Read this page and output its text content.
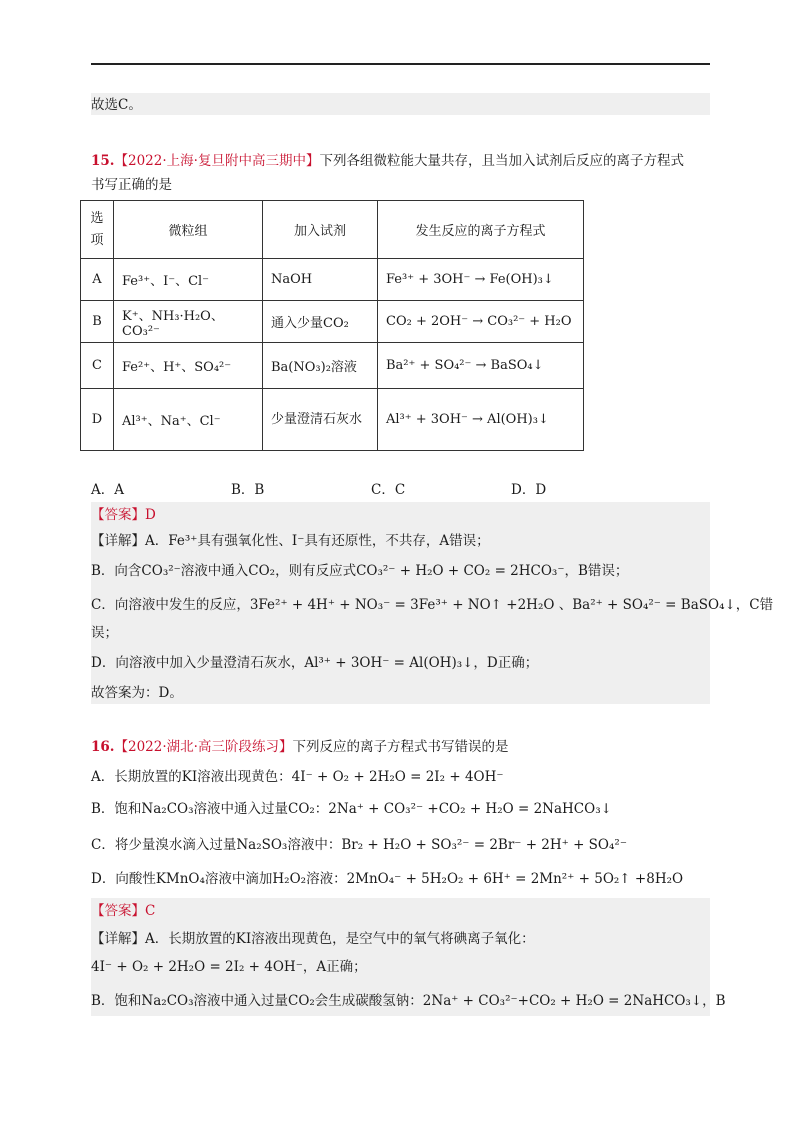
故选C。
15.【2022·上海·复旦附中高三期中】下列各组微粒能大量共存，且当加入试剂后反应的离子方程式
书写正确的是
选
项	微粒组	加入试剂	发生反应的离子方程式
A	Fe³⁺、I⁻、Cl⁻	NaOH	Fe³⁺ + 3OH⁻ → Fe(OH)₃↓
B	K⁺、NH₃·H₂O、CO₃²⁻	通入少量CO₂	CO₂ + 2OH⁻ → CO₃²⁻ + H₂O
C	Fe²⁺、H⁺、SO₄²⁻	Ba(NO₃)₂溶液	Ba²⁺ + SO₄²⁻ → BaSO₄↓
D	Al³⁺、Na⁺、Cl⁻	少量澄清石灰水	Al³⁺ + 3OH⁻ → Al(OH)₃↓
A．A	B．B	C．C	D．D
【答案】D
【详解】A．Fe³⁺具有强氧化性、I⁻具有还原性，不共存，A错误；
B．向含CO₃²⁻溶液中通入CO₂，则有反应式CO₃²⁻ + H₂O + CO₂ = 2HCO₃⁻，B错误；
C．向溶液中发生的反应，3Fe²⁺ + 4H⁺ + NO₃⁻ = 3Fe³⁺ + NO↑ +2H₂O 、Ba²⁺ + SO₄²⁻ = BaSO₄↓，C错
误；
D．向溶液中加入少量澄清石灰水，Al³⁺ + 3OH⁻ = Al(OH)₃↓，D正确；
故答案为：D。
16.【2022·湖北·高三阶段练习】下列反应的离子方程式书写错误的是
A．长期放置的KI溶液出现黄色：4I⁻ + O₂ + 2H₂O = 2I₂ + 4OH⁻
B．饱和Na₂CO₃溶液中通入过量CO₂：2Na⁺ + CO₃²⁻ +CO₂ + H₂O = 2NaHCO₃↓
C．将少量溴水滴入过量Na₂SO₃溶液中：Br₂ + H₂O + SO₃²⁻ = 2Br⁻ + 2H⁺ + SO₄²⁻
D．向酸性KMnO₄溶液中滴加H₂O₂溶液：2MnO₄⁻ + 5H₂O₂ + 6H⁺ = 2Mn²⁺ + 5O₂↑ +8H₂O
【答案】C
【详解】A．长期放置的KI溶液出现黄色，是空气中的氧气将碘离子氧化：
4I⁻ + O₂ + 2H₂O = 2I₂ + 4OH⁻，A正确；
B．饱和Na₂CO₃溶液中通入过量CO₂会生成碳酸氢钠：2Na⁺ + CO₃²⁻+CO₂ + H₂O = 2NaHCO₃↓，B
